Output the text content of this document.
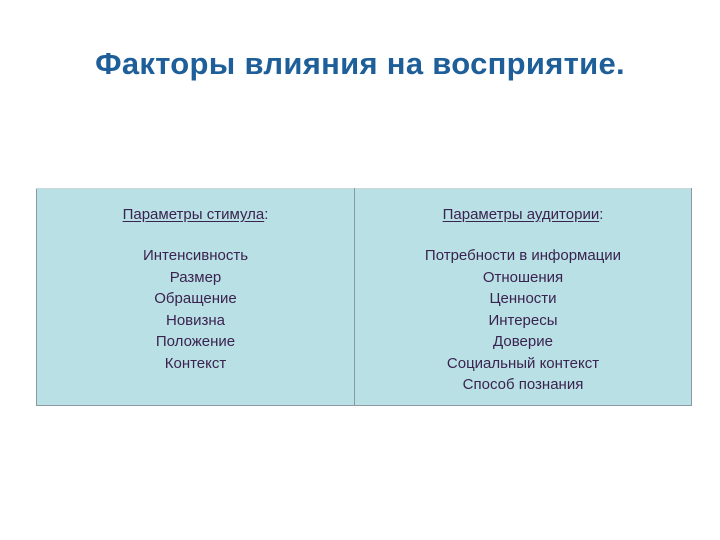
Факторы влияния на восприятие.
Параметры стимула:
Интенсивность
Размер
Обращение
Новизна
Положение
Контекст

Параметры аудитории:
Потребности в информации
Отношения
Ценности
Интересы
Доверие
Социальный контекст
Способ познания
